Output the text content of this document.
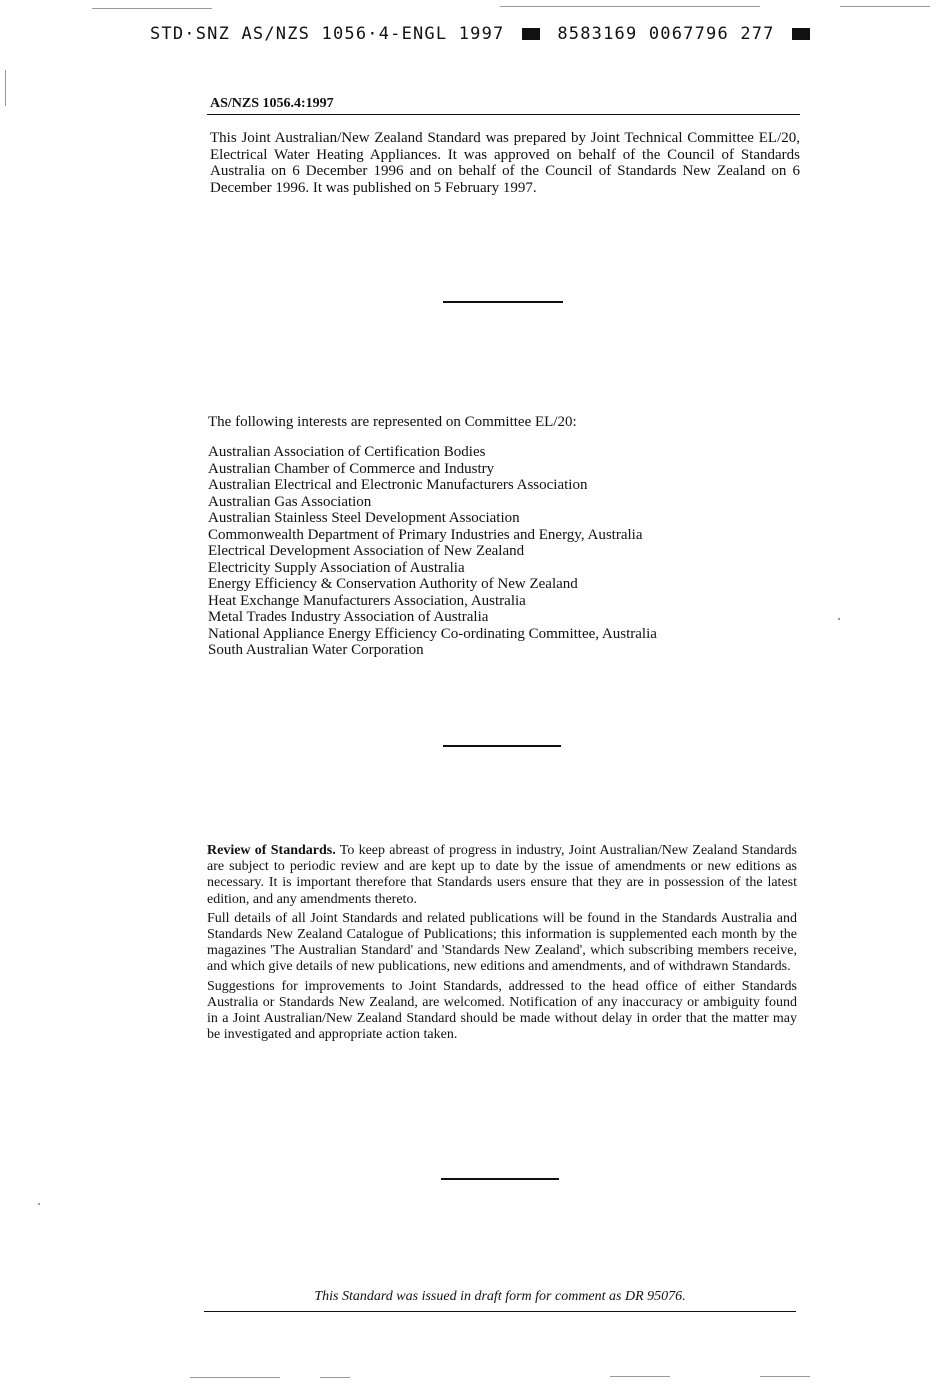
STD·SNZ AS/NZS 1056·4-ENGL 1997	8583169 0067796 277
AS/NZS 1056.4:1997
This Joint Australian/New Zealand Standard was prepared by Joint Technical Committee EL/20, Electrical Water Heating Appliances. It was approved on behalf of the Council of Standards Australia on 6 December 1996 and on behalf of the Council of Standards New Zealand on 6 December 1996. It was published on 5 February 1997.
The following interests are represented on Committee EL/20:
Australian Association of Certification Bodies
Australian Chamber of Commerce and Industry
Australian Electrical and Electronic Manufacturers Association
Australian Gas Association
Australian Stainless Steel Development Association
Commonwealth Department of Primary Industries and Energy, Australia
Electrical Development Association of New Zealand
Electricity Supply Association of Australia
Energy Efficiency & Conservation Authority of New Zealand
Heat Exchange Manufacturers Association, Australia
Metal Trades Industry Association of Australia
National Appliance Energy Efficiency Co-ordinating Committee, Australia
South Australian Water Corporation

Review of Standards. To keep abreast of progress in industry, Joint Australian/New Zealand Standards are subject to periodic review and are kept up to date by the issue of amendments or new editions as necessary. It is important therefore that Standards users ensure that they are in possession of the latest edition, and any amendments thereto.

Full details of all Joint Standards and related publications will be found in the Standards Australia and Standards New Zealand Catalogue of Publications; this information is supplemented each month by the magazines 'The Australian Standard' and 'Standards New Zealand', which subscribing members receive, and which give details of new publications, new editions and amendments, and of withdrawn Standards.

Suggestions for improvements to Joint Standards, addressed to the head office of either Standards Australia or Standards New Zealand, are welcomed. Notification of any inaccuracy or ambiguity found in a Joint Australian/New Zealand Standard should be made without delay in order that the matter may be investigated and appropriate action taken.

This Standard was issued in draft form for comment as DR 95076.
